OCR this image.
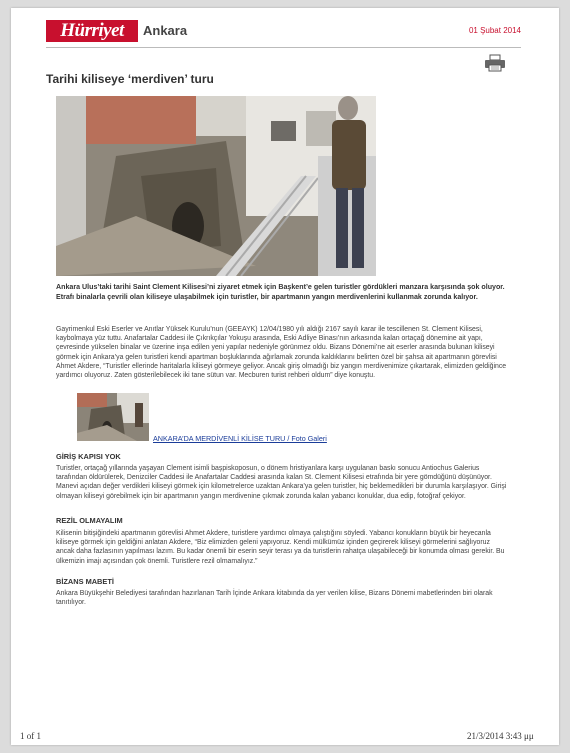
Hürriyet	Ankara	01 Şubat 2014
Tarihi kiliseye ‘merdiven’ turu
Ankara Ulus’taki tarihi Saint Clement Kilisesi’ni ziyaret etmek için Başkent’e gelen turistler gördükleri manzara karşısında şok oluyor. Etrafı binalarla çevrili olan kiliseye ulaşabilmek için turistler, bir apartmanın yangın merdivenlerini kullanmak zorunda kalıyor.
Gayrimenkul Eski Eserler ve Anıtlar Yüksek Kurulu’nun (GEEAYK) 12/04/1980 yılı aldığı 2167 sayılı karar ile tescillenen St. Clement Kilisesi, kaybolmaya yüz tuttu. Anafartalar Caddesi ile Çıkrıkçılar Yokuşu arasında, Eski Adliye Binası’nın arkasında kalan ortaçağ dönemine ait yapı, çevresinde yükselen binalar ve üzerine inşa edilen yeni yapılar nedeniyle görünmez oldu. Bizans Dönemi’ne ait eserler arasında bulunan kiliseyi görmek için Ankara’ya gelen turistleri kendi apartman boşluklarında ağırlamak zorunda kaldıklarını belirten özel bir şahsa ait apartmanın görevlisi Ahmet Akdere, “Turistler ellerinde haritalarla kiliseyi görmeye geliyor. Ancak giriş olmadığı biz yangın merdivenimize çıkartarak, elimizden geldiğince yardımcı oluyoruz. Zaten gösterilebilecek iki tane sütun var. Mecburen turist rehberi oldum” diye konuştu.
ANKARA’DA MERDİVENLİ KİLİSE TURU / Foto Galeri
GİRİŞ KAPISI YOK
Turistler, ortaçağ yıllarında yaşayan Clement isimli başpiskoposun, o dönem hristiyanlara karşı uygulanan baskı sonucu Antiochus Galerius tarafından öldürülerek, Denizciler Caddesi ile Anafartalar Caddesi arasında kalan St. Clement Kilisesi etrafında bir yere gömdüğünü düşünüyor. Manevi açıdan değer verdikleri kiliseyi görmek için kilometrelerce uzaktan Ankara’ya gelen turistler, hiç beklemedikleri bir durumla karşılaşıyor. Girişi olmayan kiliseyi görebilmek için bir apartmanın yangın merdivenine çıkmak zorunda kalan yabancı konuklar, dua edip, fotoğraf çekiyor.
REZİL OLMAYALIM
Kilisenin bitişiğindeki apartmanın görevlisi Ahmet Akdere, turistlere yardımcı olmaya çalıştığını söyledi. Yabancı konukların büyük bir heyecanla kiliseye görmek için geldiğini anlatan Akdere, “Biz elimizden geleni yapıyoruz. Kendi mülkümüz içinden geçirerek kiliseyi görmelerini sağlıyoruz ancak daha fazlasının yapılması lazım. Bu kadar önemli bir eserin seyir terası ya da turistlerin rahatça ulaşabileceği bir konumda olması gerekir. Bu ülkemizin imajı açısından çok önemli. Turistlere rezil olmamalıyız.”
BİZANS MABETİ
Ankara Büyükşehir Belediyesi tarafından hazırlanan Tarih İçinde Ankara kitabında da yer verilen kilise, Bizans Dönemi mabetlerinden biri olarak tanıtılıyor.
1 of 1	21/3/2014 3:43 μμ
